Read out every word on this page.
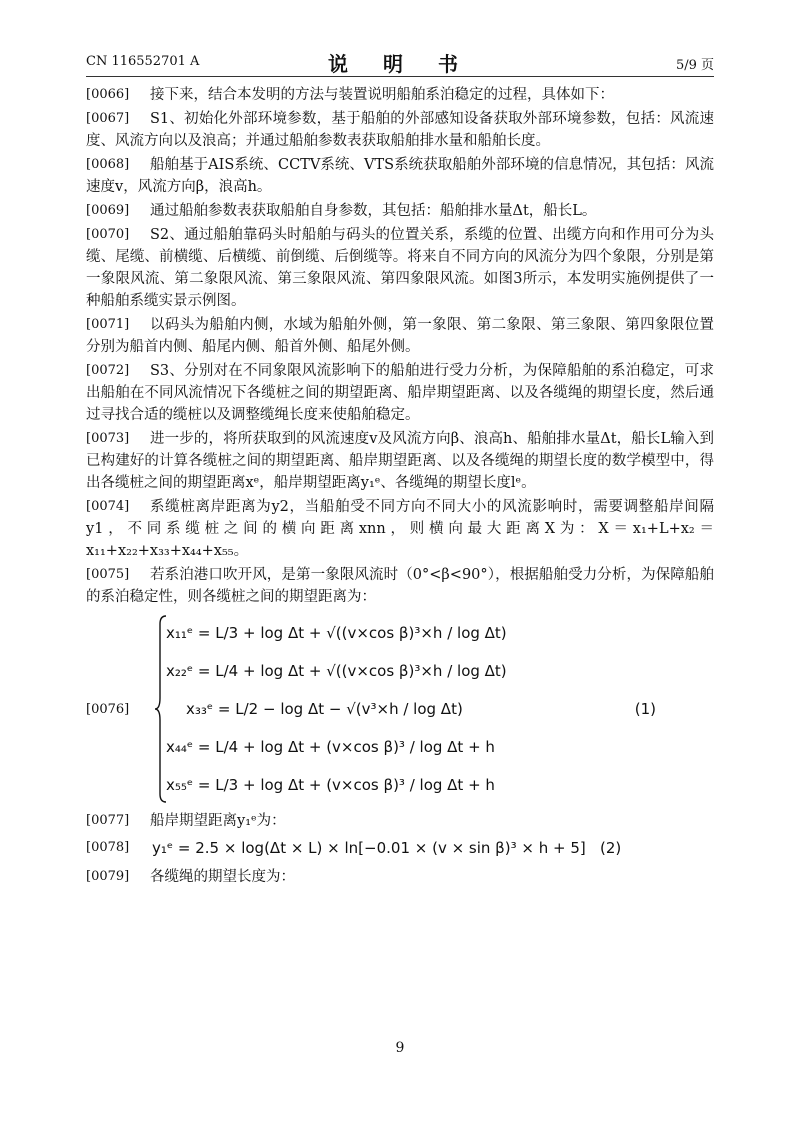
CN 116552701 A	说 明 书	5/9 页
[0066]	接下来，结合本发明的方法与装置说明船舶系泊稳定的过程，具体如下：
[0067]	S1、初始化外部环境参数，基于船舶的外部感知设备获取外部环境参数，包括：风流速度、风流方向以及浪高；并通过船舶参数表获取船舶排水量和船舶长度。
[0068]	船舶基于AIS系统、CCTV系统、VTS系统获取船舶外部环境的信息情况，其包括：风流速度v，风流方向β，浪高h。
[0069]	通过船舶参数表获取船舶自身参数，其包括：船舶排水量Δt，船长L。
[0070]	S2、通过船舶靠码头时船舶与码头的位置关系，系缆的位置、出缆方向和作用可分为头缆、尾缆、前横缆、后横缆、前倒缆、后倒缆等。将来自不同方向的风流分为四个象限，分别是第一象限风流、第二象限风流、第三象限风流、第四象限风流。如图3所示，本发明实施例提供了一种船舶系缆实景示例图。
[0071]	以码头为船舶内侧，水域为船舶外侧，第一象限、第二象限、第三象限、第四象限位置分别为船首内侧、船尾内侧、船首外侧、船尾外侧。
[0072]	S3、分别对在不同象限风流影响下的船舶进行受力分析，为保障船舶的系泊稳定，可求出船舶在不同风流情况下各缆桩之间的期望距离、船岸期望距离、以及各缆绳的期望长度，然后通过寻找合适的缆桩以及调整缆绳长度来使船舶稳定。
[0073]	进一步的，将所获取到的风流速度v及风流方向β、浪高h、船舶排水量Δt，船长L输入到已构建好的计算各缆桩之间的期望距离、船岸期望距离、以及各缆绳的期望长度的数学模型中，得出各缆桩之间的期望距离xᵉ，船岸期望距离y₁ᵉ、各缆绳的期望长度lᵉ。
[0074]	系缆桩离岸距离为y2，当船舶受不同方向不同大小的风流影响时，需要调整船岸间隔y1，不同系缆桩之间的横向距离xnn，则横向最大距离X为：X＝x₁+L+x₂＝x₁₁+x₂₂+x₃₃+x₄₄+x₅₅。
[0075]	若系泊港口吹开风，是第一象限风流时（0°<β<90°），根据船舶受力分析，为保障船舶的系泊稳定性，则各缆桩之间的期望距离为：
[0076]
x₁₁ᵉ = L/3 + log Δt + √((v×cos β)³×h / log Δt)
x₂₂ᵉ = L/4 + log Δt + √((v×cos β)³×h / log Δt)
x₃₃ᵉ = L/2 − log Δt − √(v³×h / log Δt)
x₄₄ᵉ = L/4 + log Δt + (v×cos β)³ / log Δt + h
x₅₅ᵉ = L/3 + log Δt + (v×cos β)³ / log Δt + h
(1)
[0077]	船岸期望距离y₁ᵉ为：
[0078] y₁ᵉ = 2.5 × log(Δt × L) × ln[−0.01 × (v × sin β)³ × h + 5] (2)
[0079]	各缆绳的期望长度为：
9
